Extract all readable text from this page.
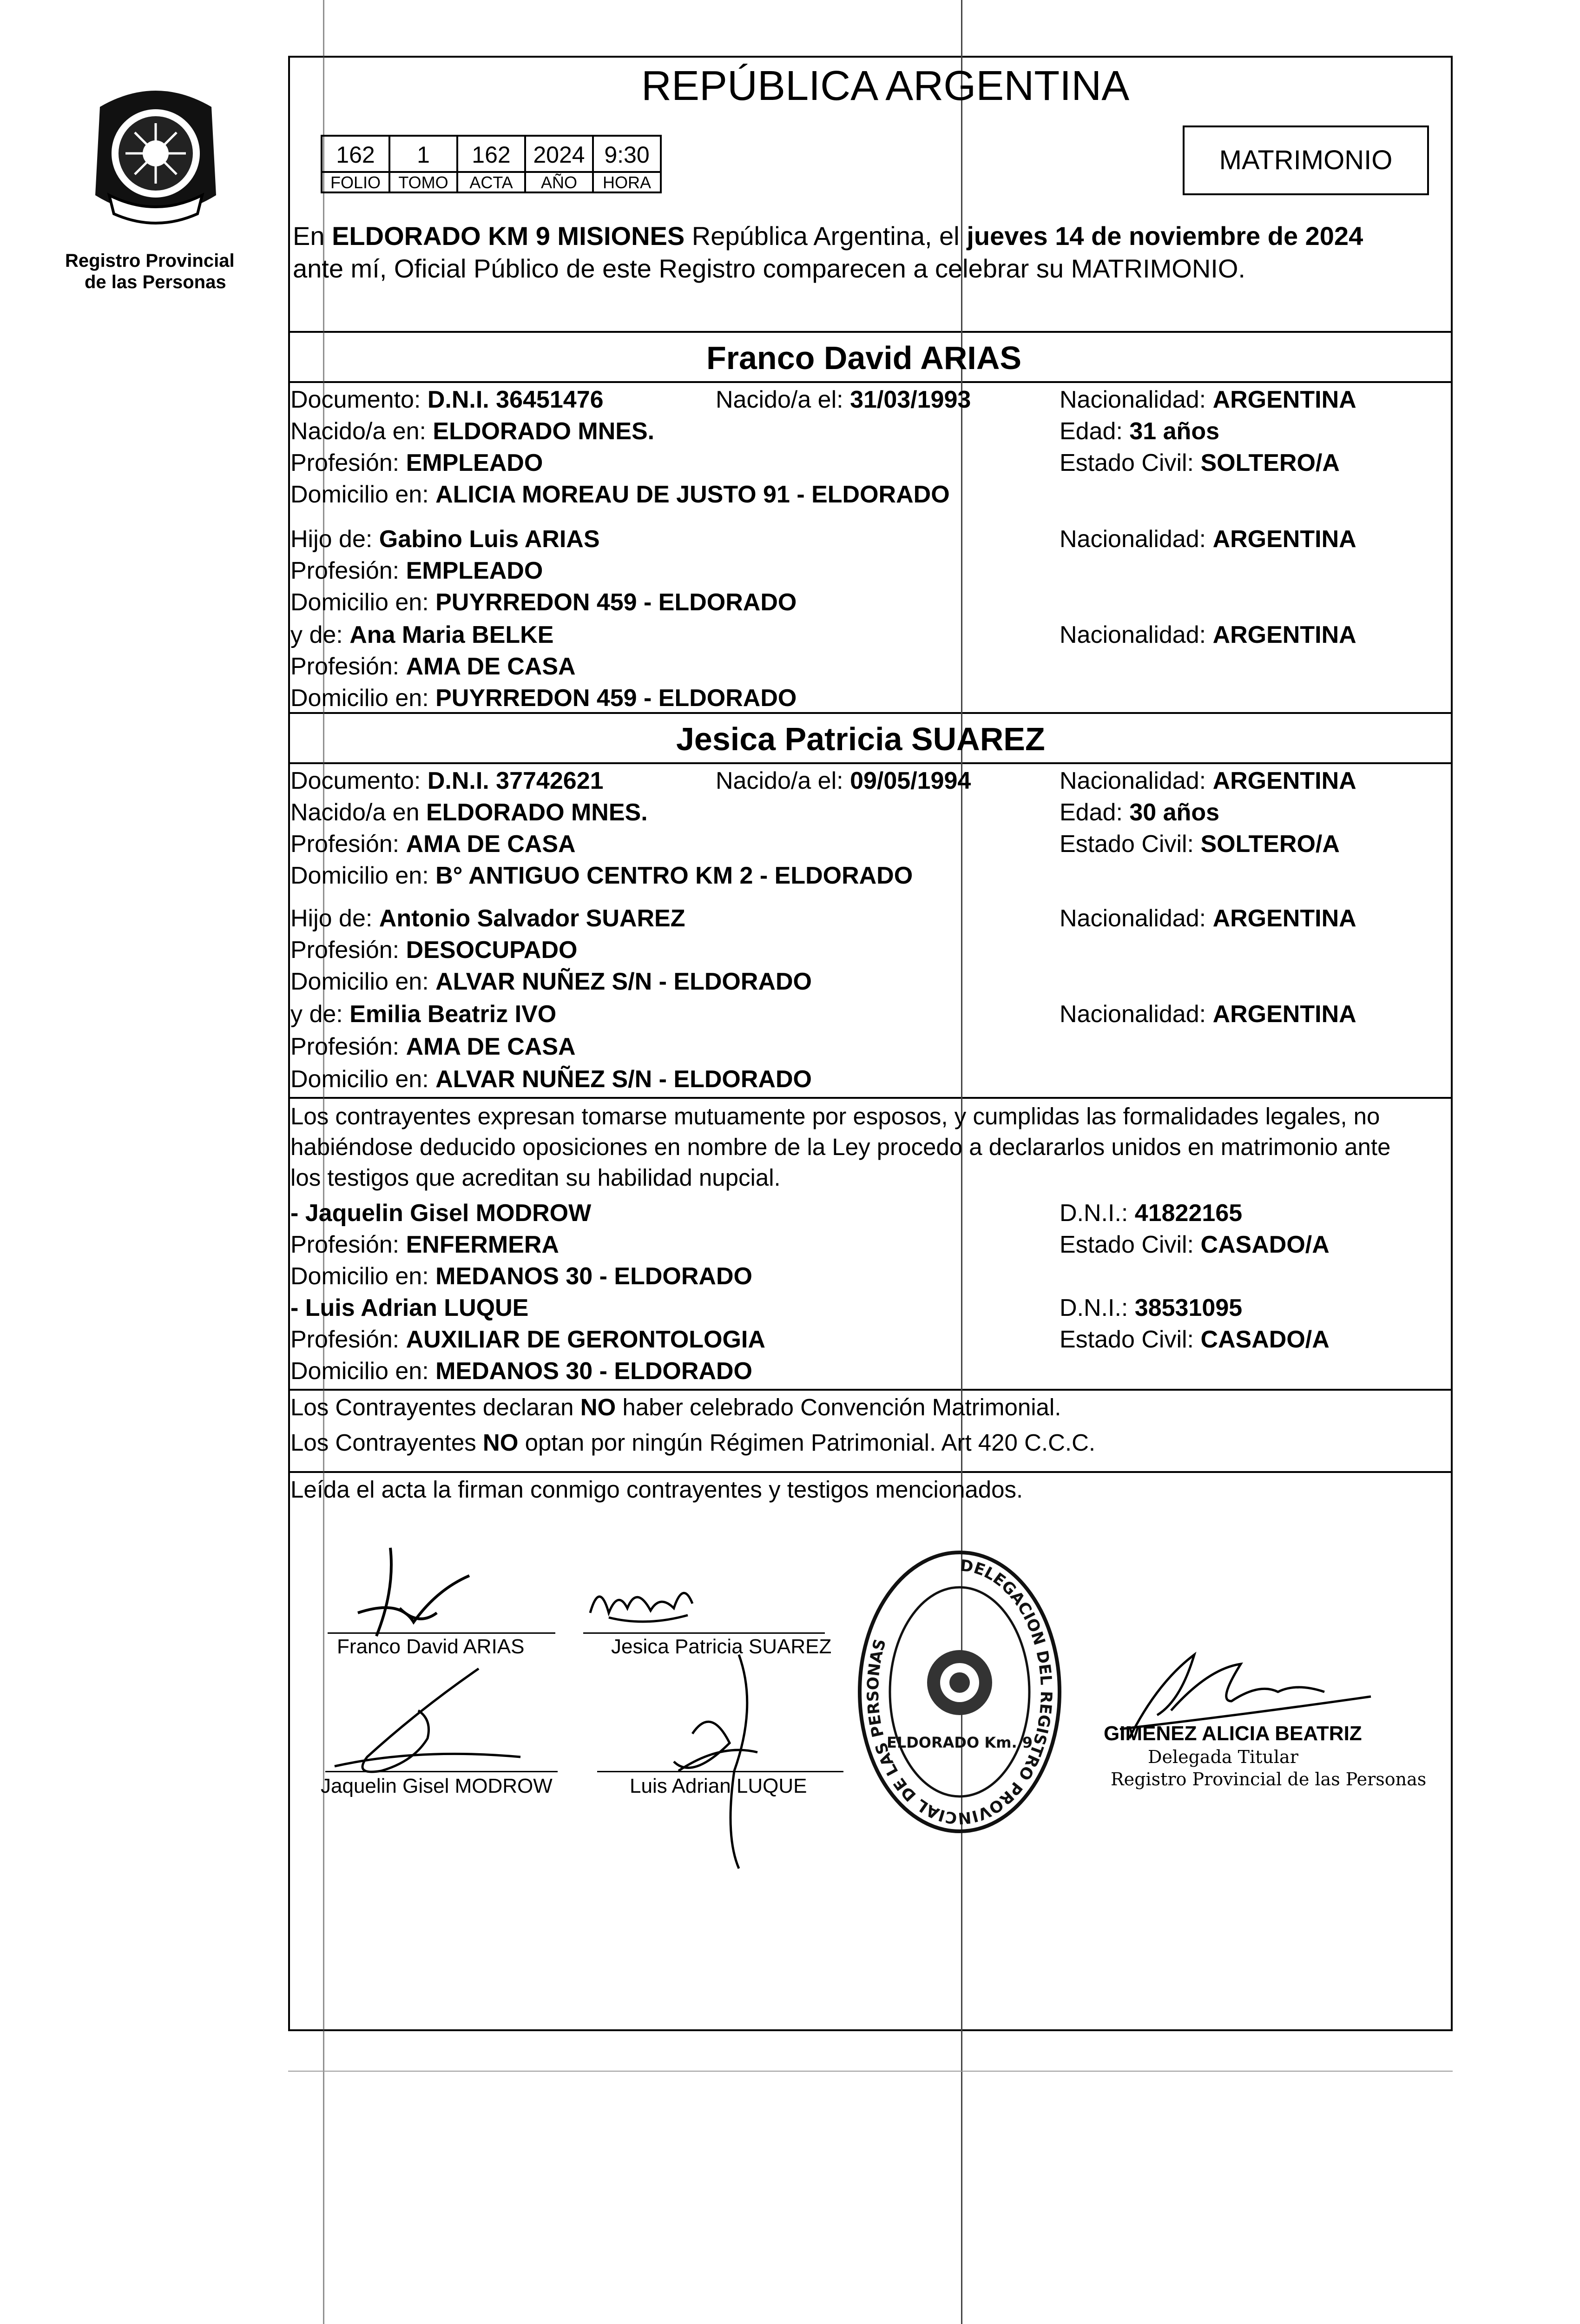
Registro Provincial
de las Personas
REPÚBLICA ARGENTINA
162	1	162 2024 9:30
FOLIO	TOMO	ACTA	AÑO	HORA
MATRIMONIO
En ELDORADO KM 9 MISIONES República Argentina, el jueves 14 de noviembre de 2024
ante mí, Oficial Público de este Registro comparecen a celebrar su MATRIMONIO.
Franco David ARIAS
Documento: D.N.I. 36451476	Nacido/a el: 31/03/1993	Nacionalidad: ARGENTINA
Nacido/a en: ELDORADO MNES.	Edad: 31 años
Profesión: EMPLEADO	Estado Civil: SOLTERO/A
Domicilio en: ALICIA MOREAU DE JUSTO 91 - ELDORADO
Hijo de: Gabino Luis ARIAS	Nacionalidad: ARGENTINA
Profesión: EMPLEADO
Domicilio en: PUYRREDON 459 - ELDORADO
y de: Ana Maria BELKE	Nacionalidad: ARGENTINA
Profesión: AMA DE CASA
Domicilio en: PUYRREDON 459 - ELDORADO
Jesica Patricia SUAREZ
Documento: D.N.I. 37742621	Nacido/a el: 09/05/1994	Nacionalidad: ARGENTINA
Nacido/a en ELDORADO MNES.	Edad: 30 años
Profesión: AMA DE CASA	Estado Civil: SOLTERO/A
Domicilio en: B° ANTIGUO CENTRO KM 2 - ELDORADO
Hijo de: Antonio Salvador SUAREZ	Nacionalidad: ARGENTINA
Profesión: DESOCUPADO
Domicilio en: ALVAR NUÑEZ S/N - ELDORADO
y de: Emilia Beatriz IVO	Nacionalidad: ARGENTINA
Profesión: AMA DE CASA
Domicilio en: ALVAR NUÑEZ S/N - ELDORADO
Los contrayentes expresan tomarse mutuamente por esposos, y cumplidas las formalidades legales, no
habiéndose deducido oposiciones en nombre de la Ley procedo a declararlos unidos en matrimonio ante
los testigos que acreditan su habilidad nupcial.
- Jaquelin Gisel MODROW	D.N.I.: 41822165
Profesión: ENFERMERA	Estado Civil: CASADO/A
Domicilio en: MEDANOS 30 - ELDORADO
- Luis Adrian LUQUE	D.N.I.: 38531095
Profesión: AUXILIAR DE GERONTOLOGIA	Estado Civil: CASADO/A
Domicilio en: MEDANOS 30 - ELDORADO
Los Contrayentes declaran NO haber celebrado Convención Matrimonial.
Los Contrayentes NO optan por ningún Régimen Patrimonial. Art 420 C.C.C.
Leída el acta la firman conmigo contrayentes y testigos mencionados.
Franco David ARIAS	Jesica Patricia SUAREZ
Jaquelin Gisel MODROW	Luis Adrian LUQUE
DELEGACION DEL REGISTRO PROVINCIAL DE LAS PERSONAS
ELDORADO Km. 9	GIMENEZ ALICIA BEATRIZ
Delegada Titular
Registro Provincial de las Personas
